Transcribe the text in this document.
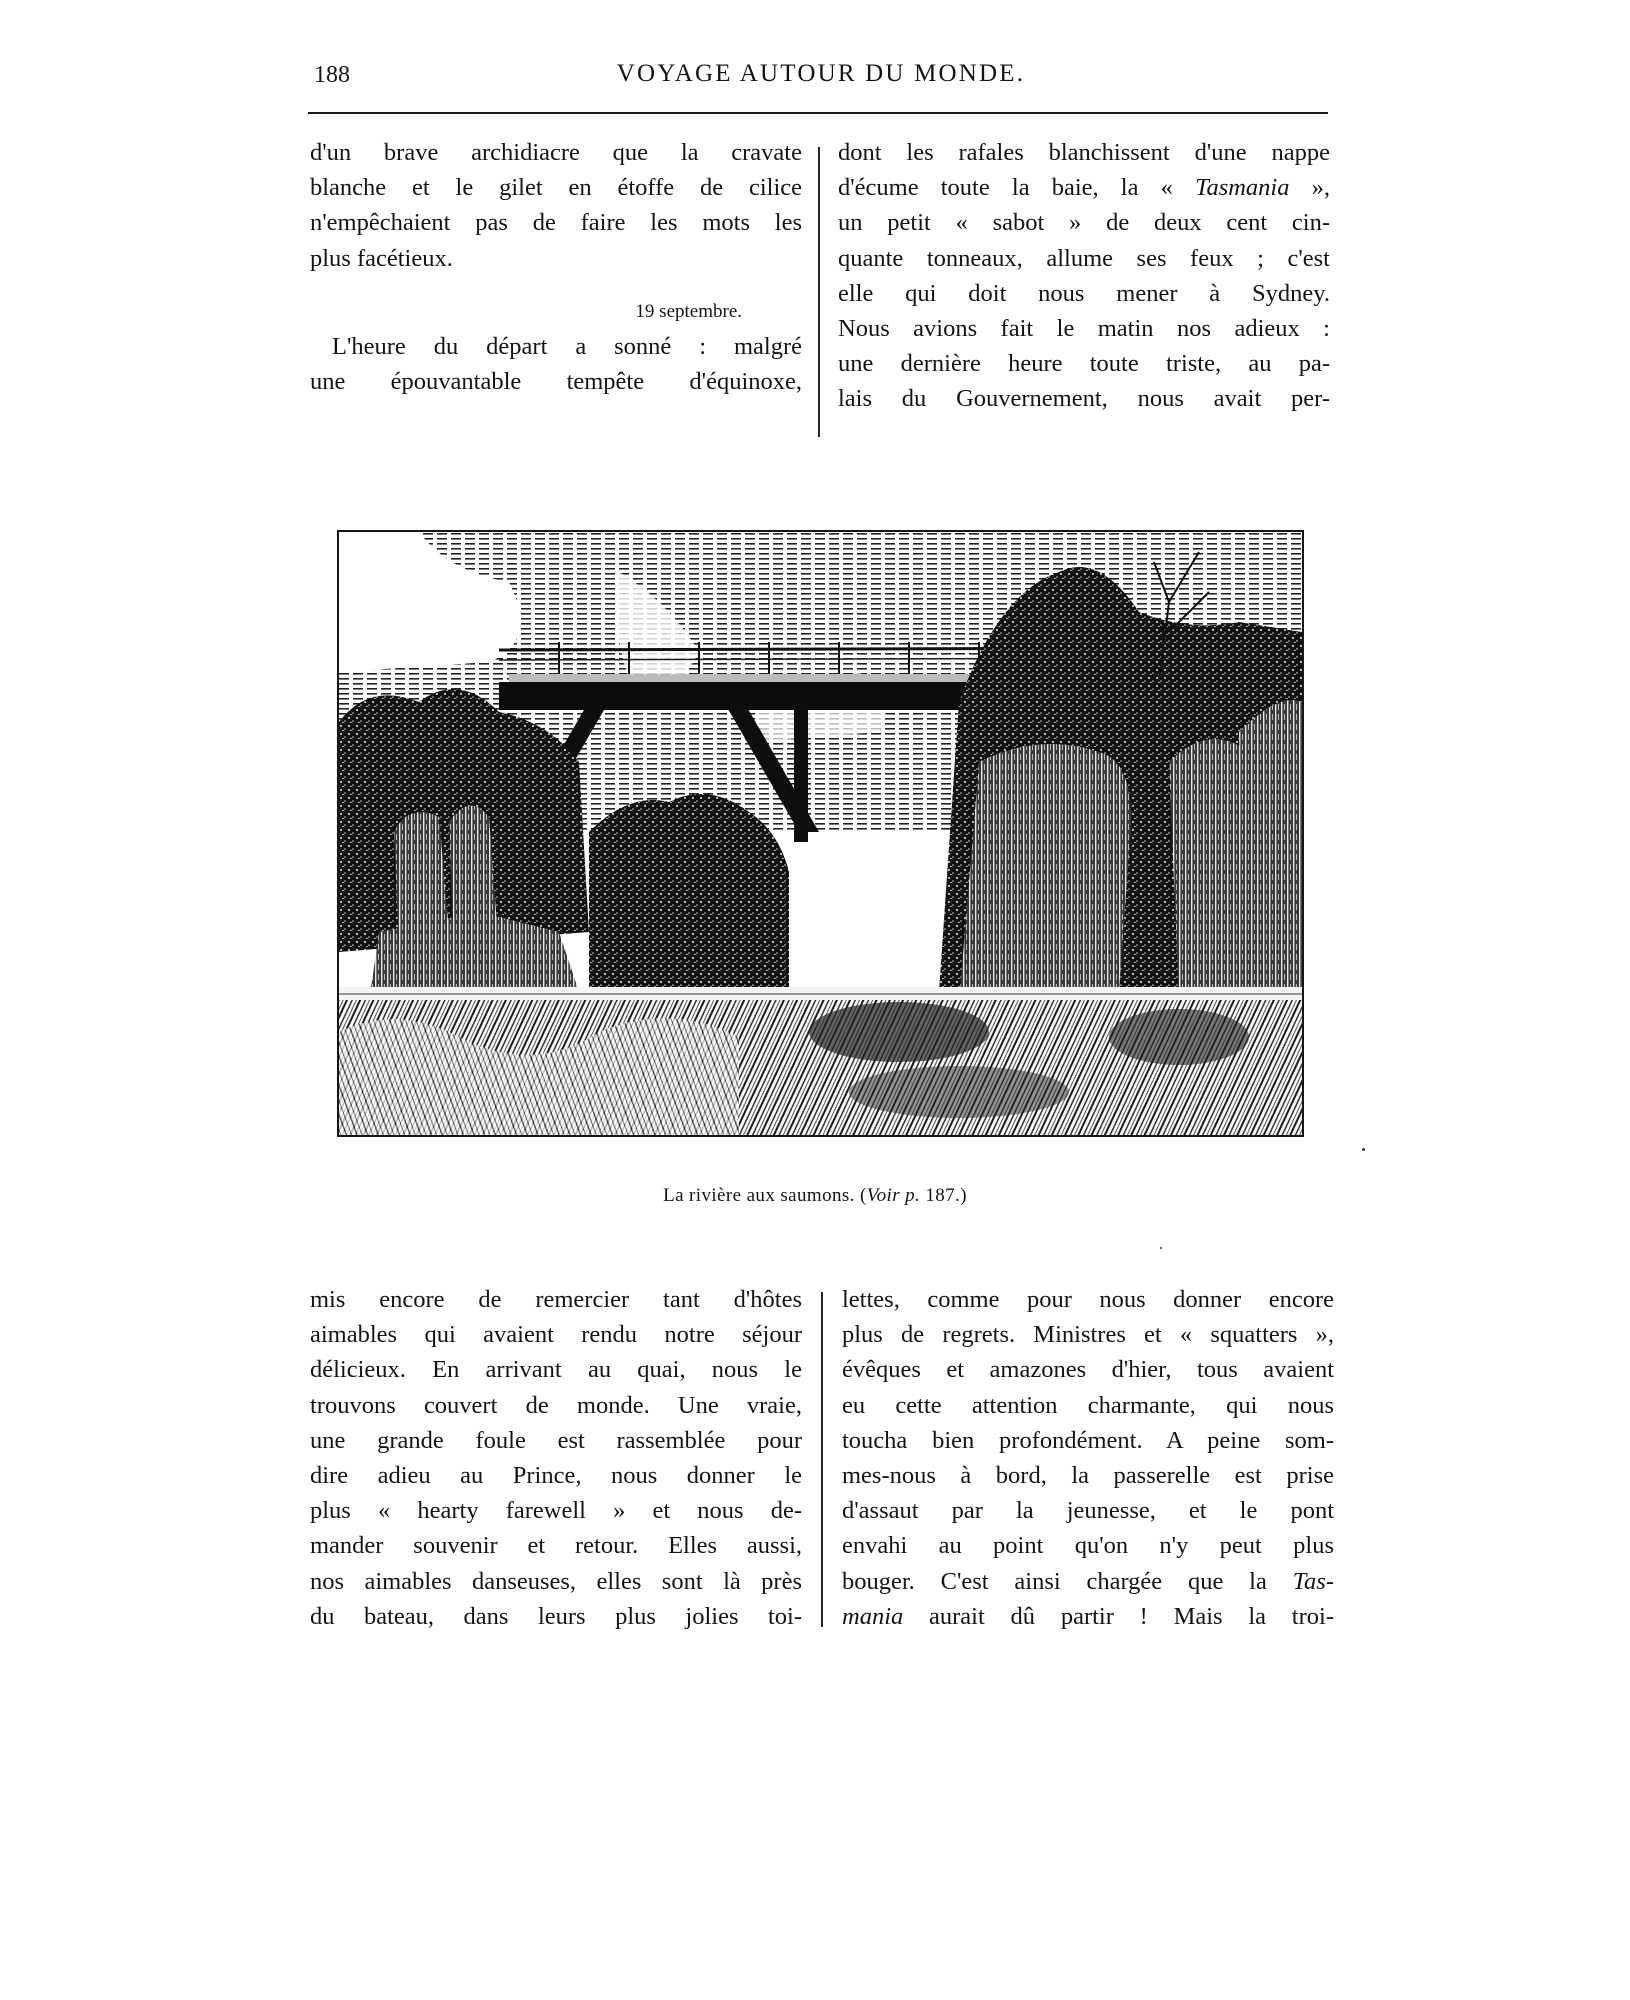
188	VOYAGE AUTOUR DU MONDE.
d'un brave archidiacre que la cravate
blanche et le gilet en étoffe de cilice
n'empêchaient pas de faire les mots les
plus facétieux.
19 septembre.
L'heure du départ a sonné : malgré
une épouvantable tempête d'équinoxe,
dont les rafales blanchissent d'une nappe
d'écume toute la baie, la « Tasmania »,
un petit « sabot » de deux cent cin-
quante tonneaux, allume ses feux ; c'est
elle qui doit nous mener à Sydney.
Nous avions fait le matin nos adieux :
une dernière heure toute triste, au pa-
lais du Gouvernement, nous avait per-
La rivière aux saumons. (Voir p. 187.)
mis encore de remercier tant d'hôtes
aimables qui avaient rendu notre séjour
délicieux. En arrivant au quai, nous le
trouvons couvert de monde. Une vraie,
une grande foule est rassemblée pour
dire adieu au Prince, nous donner le
plus « hearty farewell » et nous de-
mander souvenir et retour. Elles aussi,
nos aimables danseuses, elles sont là près
du bateau, dans leurs plus jolies toi-
lettes, comme pour nous donner encore
plus de regrets. Ministres et « squatters »,
évêques et amazones d'hier, tous avaient
eu cette attention charmante, qui nous
toucha bien profondément. A peine som-
mes-nous à bord, la passerelle est prise
d'assaut par la jeunesse, et le pont
envahi au point qu'on n'y peut plus
bouger. C'est ainsi chargée que la Tas-
mania aurait dû partir ! Mais la troi-
